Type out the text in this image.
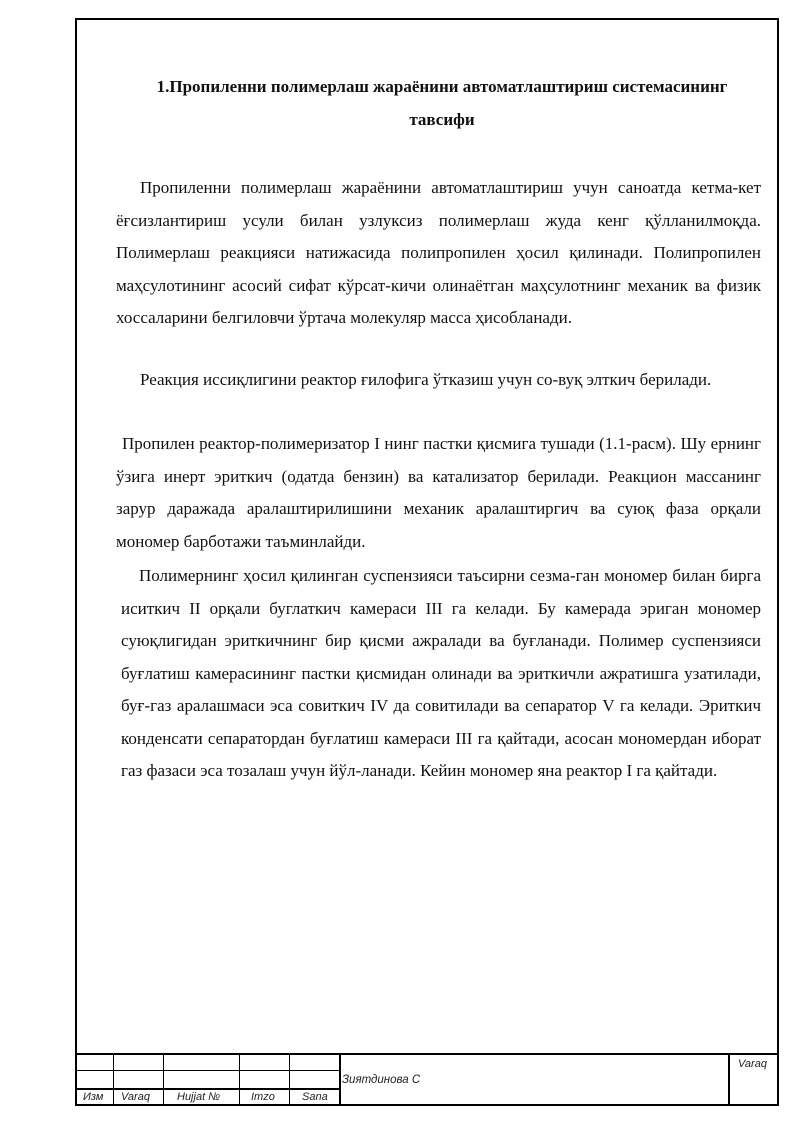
1.Пропиленни полимерлаш жараёнини автоматлаштириш системасининг
тавсифи

Пропиленни полимерлаш жараёнини автоматлаштириш учун саноатда кетма-кет ёғсизлантириш усули билан узлуксиз полимерлаш жуда кенг қўлланилмоқда. Полимерлаш реакцияси натижасида полипропилен ҳосил қилинади. Полипропилен маҳсулотининг асосий сифат кўрсат-кичи олинаётган маҳсулотнинг механик ва физик хоссаларини белгиловчи ўртача молекуляр масса ҳисобланади.

Реакция иссиқлигини реактор ғилофига ўтказиш учун со-вуқ элткич берилади.

Пропилен реактор-полимеризатор I нинг пастки қисмига тушади (1.1-расм). Шу ернинг ўзига инерт эриткич (одатда бензин) ва катализатор берилади. Реакцион массанинг зарур даражада аралаштирилишини механик аралаштиргич ва суюқ фаза орқали мономер барботажи таъминлайди.

Полимернинг ҳосил қилинган суспензияси таъсирни сезма-ган мономер билан бирга иситкич II орқали буглаткич камераси III га келади. Бу камерада эриган мономер суюқлигидан эриткичнинг бир қисми ажралади ва буғланади. Полимер суспензияси буғлатиш камерасининг пастки қисмидан олинади ва эриткичли ажратишга узатилади, буғ-газ аралашмаси эса совиткич IV да совитилади ва сепаратор V га келади. Эриткич конденсати сепаратордан буғлатиш камераси III га қайтади, асосан мономердан иборат газ фазаси эса тозалаш учун йўл-ланади. Кейин мономер яна реактор I га қайтади.

Изм Varaq Hujjat №	Imzo Sana
Зиятдинова С
Varaq
